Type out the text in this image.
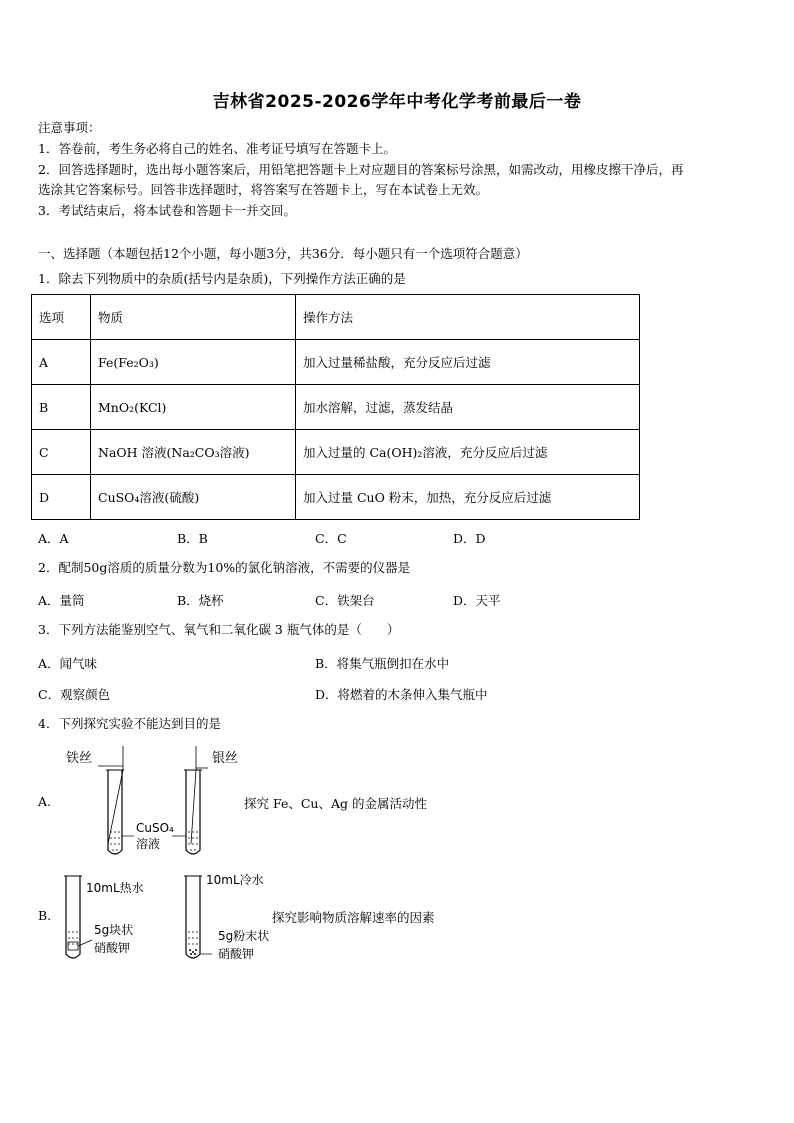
吉林省2025-2026学年中考化学考前最后一卷
注意事项：
1．答卷前，考生务必将自己的姓名、准考证号填写在答题卡上。
2．回答选择题时，选出每小题答案后，用铅笔把答题卡上对应题目的答案标号涂黑，如需改动，用橡皮擦干净后，再
选涂其它答案标号。回答非选择题时，将答案写在答题卡上，写在本试卷上无效。
3．考试结束后，将本试卷和答题卡一并交回。
一、选择题（本题包括12个小题，每小题3分，共36分．每小题只有一个选项符合题意）
1．除去下列物质中的杂质(括号内是杂质)，下列操作方法正确的是
选项	物质	操作方法
A	Fe(Fe₂O₃)	加入过量稀盐酸，充分反应后过滤
B	MnO₂(KCl)	加水溶解，过滤，蒸发结晶
C	NaOH 溶液(Na₂CO₃溶液)	加入过量的 Ca(OH)₂溶液，充分反应后过滤
D	CuSO₄溶液(硫酸)	加入过量 CuO 粉末，加热，充分反应后过滤
A．A	B．B	C．C	D．D
2．配制50g溶质的质量分数为10%的氯化钠溶液，不需要的仪器是
A．量筒	B．烧杯	C．铁架台	D．天平
3．下列方法能鉴别空气、氧气和二氧化碳 3 瓶气体的是（　　）
A．闻气味	B．将集气瓶倒扣在水中
C．观察颜色	D．将燃着的木条伸入集气瓶中
4．下列探究实验不能达到目的是
A.
铁丝
CuSO₄
溶液
银丝
探究 Fe、Cu、Ag 的金属活动性
B.
10mL热水
5g块状
硝酸钾
10mL冷水
5g粉末状
硝酸钾
探究影响物质溶解速率的因素
